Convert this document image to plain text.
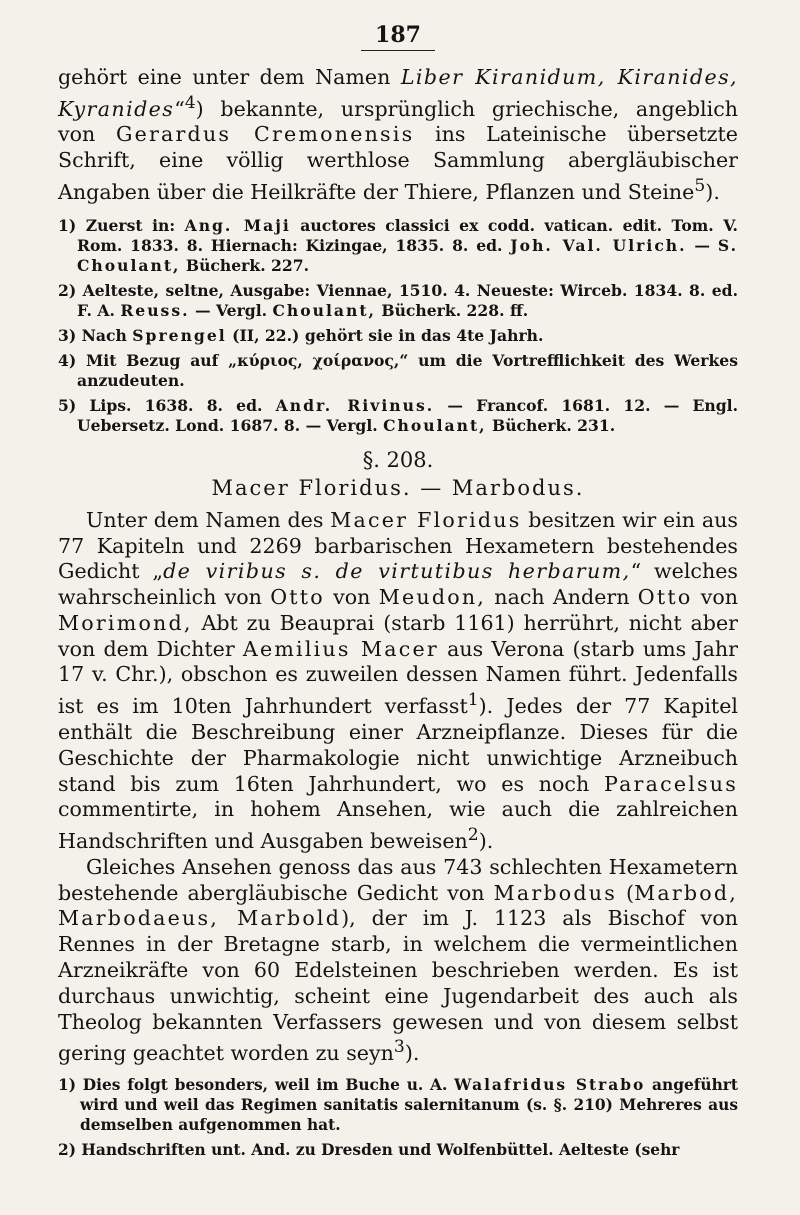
187

gehört eine unter dem Namen Liber Kiranidum, Kiranides, Kyranides“$^4$) bekannte, ursprünglich griechische, angeblich von Gerardus Cremonensis ins Lateinische übersetzte Schrift, eine völlig werthlose Sammlung abergläubischer Angaben über die Heilkräfte der Thiere, Pflanzen und Steine$^5$).

1) Zuerst in: Ang. Maji auctores classici ex codd. vatican. edit. Tom. V. Rom. 1833. 8. Hiernach: Kizingae, 1835. 8. ed. Joh. Val. Ulrich. — S. Choulant, Bücherk. 227.

2) Aelteste, seltne, Ausgabe: Viennae, 1510. 4. Neueste: Wirceb. 1834. 8. ed. F. A. Reuss. — Vergl. Choulant, Bücherk. 228. ff.

3) Nach Sprengel (II, 22.) gehört sie in das 4te Jahrh.

4) Mit Bezug auf „κύριος, χοίρανος,“ um die Vortrefflichkeit des Werkes anzudeuten.

5) Lips. 1638. 8. ed. Andr. Rivinus. — Francof. 1681. 12. — Engl. Uebersetz. Lond. 1687. 8. — Vergl. Choulant, Bücherk. 231.

§. 208.
Macer Floridus. — Marbodus.

Unter dem Namen des Macer Floridus besitzen wir ein aus 77 Kapiteln und 2269 barbarischen Hexametern bestehendes Gedicht „de viribus s. de virtutibus herbarum,“ welches wahrscheinlich von Otto von Meudon, nach Andern Otto von Morimond, Abt zu Beauprai (starb 1161) herrührt, nicht aber von dem Dichter Aemilius Macer aus Verona (starb ums Jahr 17 v. Chr.), obschon es zuweilen dessen Namen führt. Jedenfalls ist es im 10ten Jahrhundert verfasst$^1$). Jedes der 77 Kapitel enthält die Beschreibung einer Arzneipflanze. Dieses für die Geschichte der Pharmakologie nicht unwichtige Arzneibuch stand bis zum 16ten Jahrhundert, wo es noch Paracelsus commentirte, in hohem Ansehen, wie auch die zahlreichen Handschriften und Ausgaben beweisen$^2$).

Gleiches Ansehen genoss das aus 743 schlechten Hexametern bestehende abergläubische Gedicht von Marbodus (Marbod, Marbodaeus, Marbold), der im J. 1123 als Bischof von Rennes in der Bretagne starb, in welchem die vermeintlichen Arzneikräfte von 60 Edelsteinen beschrieben werden. Es ist durchaus unwichtig, scheint eine Jugendarbeit des auch als Theolog bekannten Verfassers gewesen und von diesem selbst gering geachtet worden zu seyn$^3$).

1) Dies folgt besonders, weil im Buche u. A. Walafridus Strabo angeführt wird und weil das Regimen sanitatis salernitanum (s. §. 210) Mehreres aus demselben aufgenommen hat.

2) Handschriften unt. And. zu Dresden und Wolfenbüttel. Aelteste (sehr
